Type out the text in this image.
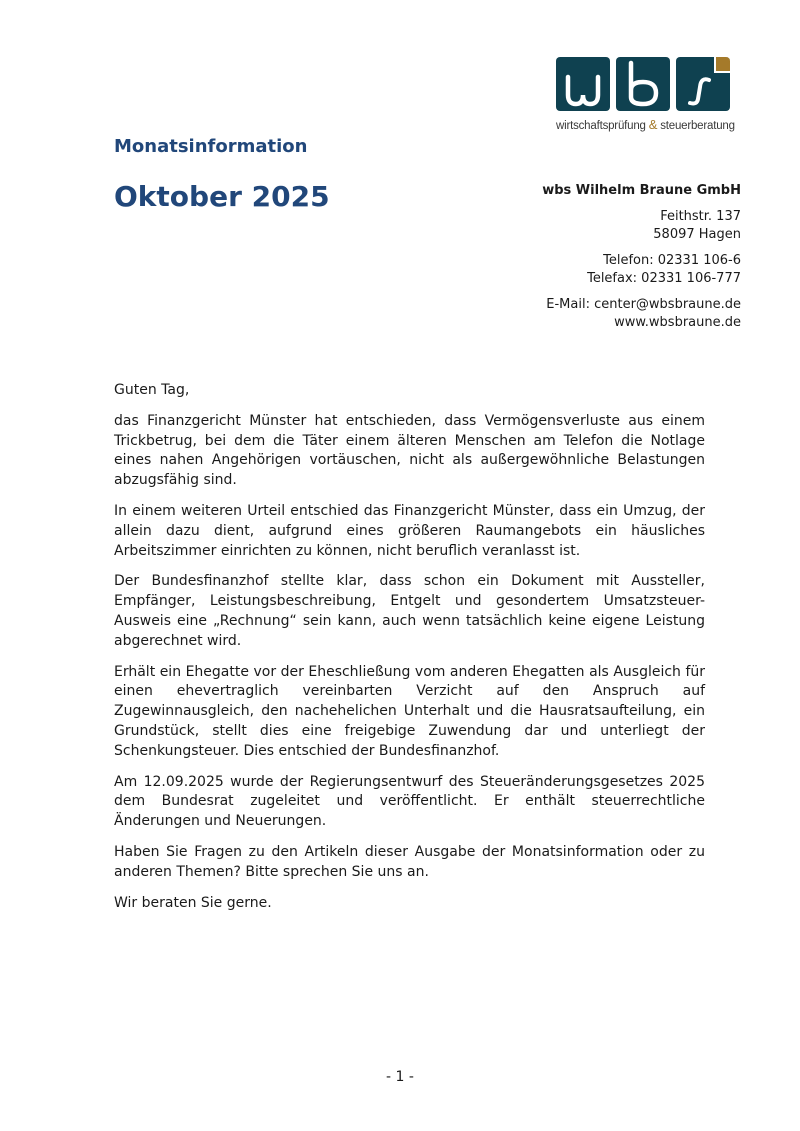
wirtschaftsprüfung & steuerberatung
Monatsinformation
Oktober 2025	wbs Wilhelm Braune GmbH
Feithstr. 137
58097 Hagen
Telefon: 02331 106-6
Telefax: 02331 106-777
E-Mail: center@wbsbraune.de
www.wbsbraune.de

Guten Tag,

das Finanzgericht Münster hat entschieden, dass Vermögensverluste aus einem Trickbetrug, bei dem die Täter einem älteren Menschen am Telefon die Notlage eines nahen Angehörigen vortäuschen, nicht als außergewöhnliche Belastungen abzugsfähig sind.

In einem weiteren Urteil entschied das Finanzgericht Münster, dass ein Umzug, der allein dazu dient, aufgrund eines größeren Raumangebots ein häusliches Arbeitszimmer einrichten zu können, nicht beruflich veranlasst ist.

Der Bundesfinanzhof stellte klar, dass schon ein Dokument mit Aussteller, Empfänger, Leistungsbeschreibung, Entgelt und gesondertem Umsatzsteuer-Ausweis eine „Rechnung“ sein kann, auch wenn tatsächlich keine eigene Leistung abgerechnet wird.

Erhält ein Ehegatte vor der Eheschließung vom anderen Ehegatten als Ausgleich für einen ehevertraglich vereinbarten Verzicht auf den Anspruch auf Zugewinnausgleich, den nachehelichen Unterhalt und die Hausratsaufteilung, ein Grundstück, stellt dies eine freigebige Zuwendung dar und unterliegt der Schenkungsteuer. Dies entschied der Bundesfinanzhof.

Am 12.09.2025 wurde der Regierungsentwurf des Steueränderungsgesetzes 2025 dem Bundesrat zugeleitet und veröffentlicht. Er enthält steuerrechtliche Änderungen und Neuerungen.

Haben Sie Fragen zu den Artikeln dieser Ausgabe der Monatsinformation oder zu anderen Themen? Bitte sprechen Sie uns an.

Wir beraten Sie gerne.

- 1 -
